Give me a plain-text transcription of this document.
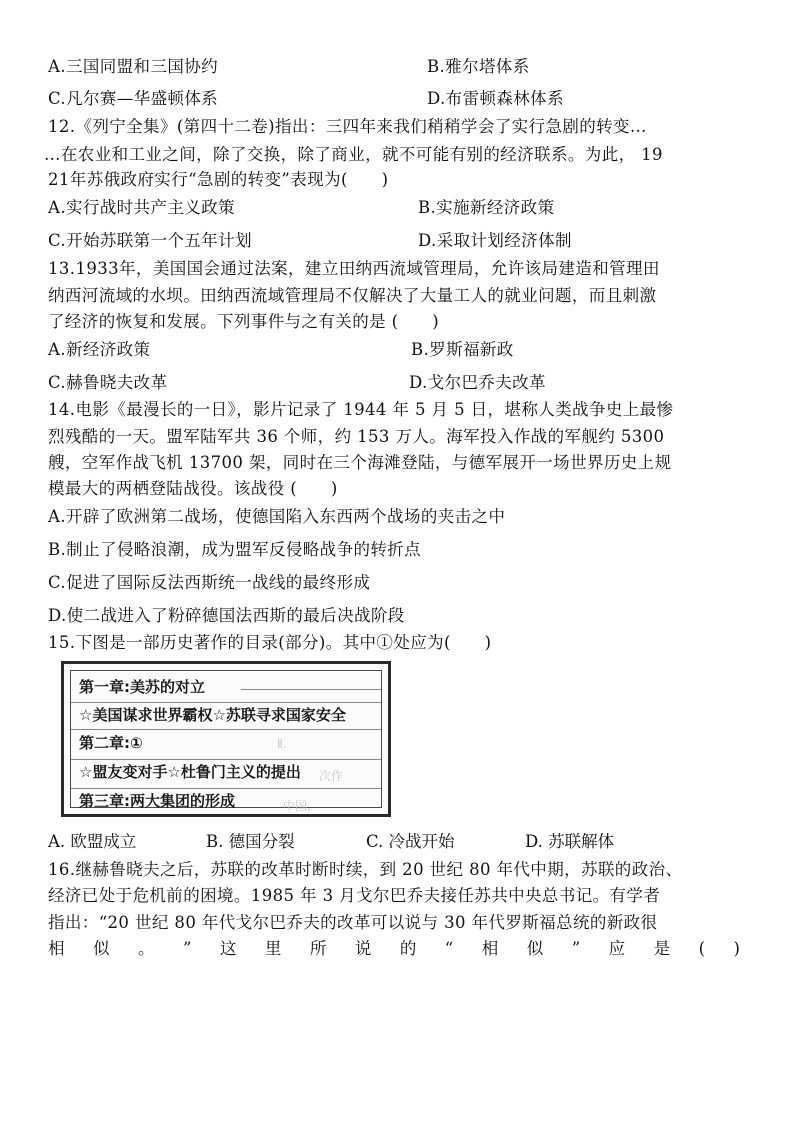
A.三国同盟和三国协约	B.雅尔塔体系
C.凡尔赛—华盛顿体系	D.布雷顿森林体系
12.《列宁全集》(第四十二卷)指出：三四年来我们稍稍学会了实行急剧的转变…
…在农业和工业之间，除了交换，除了商业，就不可能有别的经济联系。为此， 19
21年苏俄政府实行“急剧的转变”表现为(　　)
A.实行战时共产主义政策	B.实施新经济政策
C.开始苏联第一个五年计划	D.采取计划经济体制
13.1933年，美国国会通过法案，建立田纳西流域管理局，允许该局建造和管理田
纳西河流域的水坝。田纳西流域管理局不仅解决了大量工人的就业问题，而且刺激
了经济的恢复和发展。下列事件与之有关的是 (　　)
A.新经济政策	B.罗斯福新政
C.赫鲁晓夫改革	D.戈尔巴乔夫改革
14.电影《最漫长的一日》，影片记录了 1944 年 5 月 5 日，堪称人类战争史上最惨
烈残酷的一天。盟军陆军共 36 个师，约 153 万人。海军投入作战的军舰约 5300
艘，空军作战飞机 13700 架，同时在三个海滩登陆，与德军展开一场世界历史上规
模最大的两栖登陆战役。该战役 (　　)
A.开辟了欧洲第二战场，使德国陷入东西两个战场的夹击之中
B.制止了侵略浪潮，成为盟军反侵略战争的转折点
C.促进了国际反法西斯统一战线的最终形成
D.使二战进入了粉碎德国法西斯的最后决战阶段
15.下图是一部历史著作的目录(部分)。其中①处应为(　　)
Ⅱ.
次作
中国，
第一章:美苏的对立
☆美国谋求世界霸权☆苏联寻求国家安全
第二章:①
☆盟友变对手☆杜鲁门主义的提出
第三章:两大集团的形成
A. 欧盟成立	B. 德国分裂	C. 冷战开始	D. 苏联解体
16.继赫鲁晓夫之后，苏联的改革时断时续，到 20 世纪 80 年代中期，苏联的政治、
经济已处于危机前的困境。1985 年 3 月戈尔巴乔夫接任苏共中央总书记。有学者
指出：“20 世纪 80 年代戈尔巴乔夫的改革可以说与 30 年代罗斯福总统的新政很
相 似 。 ” 这 里 所 说 的 “ 相 似 ” 应 是 ( )
